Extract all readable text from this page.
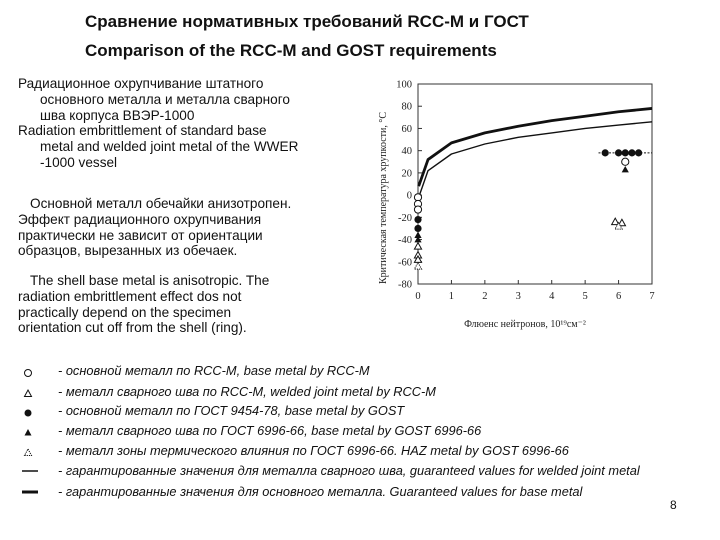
Сравнение нормативных требований RCC-M и ГОСТ
Comparison of the RCC-M and GOST requirements
Радиационное охрупчивание штатного
основного металла и металла сварного
шва корпуса ВВЭР-1000
Radiation embrittlement of standard base
metal and welded joint metal of the WWER
-1000 vessel
Основной металл обечайки анизотропен.
Эффект радиационного охрупчивания
практически не зависит от ориентации
образцов, вырезанных из обечаек.
The shell base metal is anisotropic. The
radiation embrittlement effect dos not
practically depend on the specimen
orientation cut off from the shell (ring).
-80
-60
-40
-20
0
20
40
60
80
100
0	1	2	3	4	5	6	7
Критическая температура хрупкости, °C
Флюенс нейтронов, 10¹⁹см⁻²
- основной металл по RCC-M, base metal by RCC-M
- металл сварного шва по RCC-M, welded joint metal by RCC-M
- основной металл по ГОСТ 9454-78, base metal by GOST
- металл сварного шва по ГОСТ 6996-66, base metal by GOST 6996-66
- металл зоны термического влияния по ГОСТ 6996-66. HAZ metal by GOST 6996-66
- гарантированные значения для металла сварного шва, guaranteed values for welded joint metal
- гарантированные значения для основного металла. Guaranteed values for base metal
8
